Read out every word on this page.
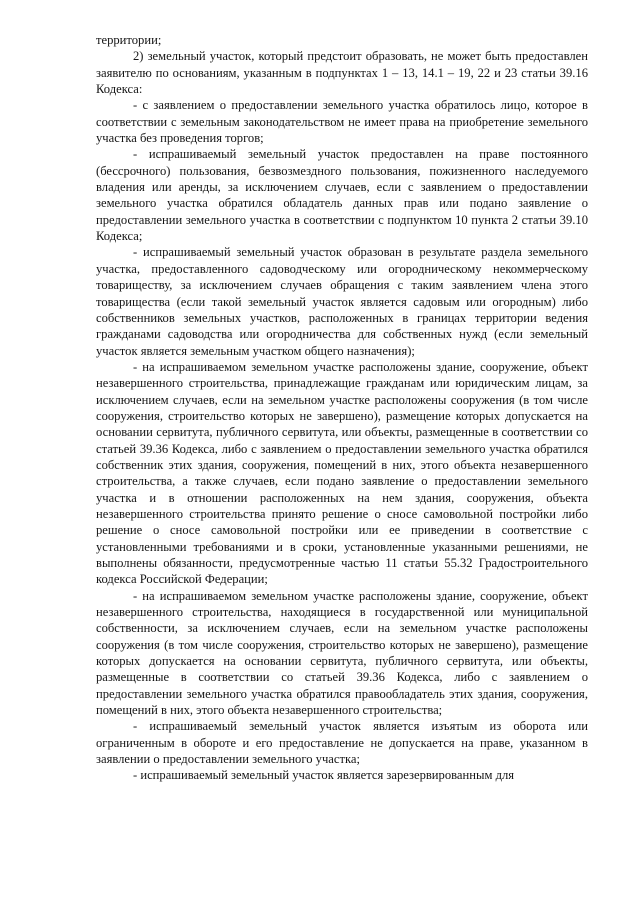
территории;

2) земельный участок, который предстоит образовать, не может быть предоставлен заявителю по основаниям, указанным в подпунктах 1 – 13, 14.1 – 19, 22 и 23 статьи 39.16 Кодекса:

- с заявлением о предоставлении земельного участка обратилось лицо, которое в соответствии с земельным законодательством не имеет права на приобретение земельного участка без проведения торгов;

- испрашиваемый земельный участок предоставлен на праве постоянного (бессрочного) пользования, безвозмездного пользования, пожизненного наследуемого владения или аренды, за исключением случаев, если с заявлением о предоставлении земельного участка обратился обладатель данных прав или подано заявление о предоставлении земельного участка в соответствии с подпунктом 10 пункта 2 статьи 39.10 Кодекса;

- испрашиваемый земельный участок образован в результате раздела земельного участка, предоставленного садоводческому или огородническому некоммерческому товариществу, за исключением случаев обращения с таким заявлением члена этого товарищества (если такой земельный участок является садовым или огородным) либо собственников земельных участков, расположенных в границах территории ведения гражданами садоводства или огородничества для собственных нужд (если земельный участок является земельным участком общего назначения);

- на испрашиваемом земельном участке расположены здание, сооружение, объект незавершенного строительства, принадлежащие гражданам или юридическим лицам, за исключением случаев, если на земельном участке расположены сооружения (в том числе сооружения, строительство которых не завершено), размещение которых допускается на основании сервитута, публичного сервитута, или объекты, размещенные в соответствии со статьей 39.36 Кодекса, либо с заявлением о предоставлении земельного участка обратился собственник этих здания, сооружения, помещений в них, этого объекта незавершенного строительства, а также случаев, если подано заявление о предоставлении земельного участка и в отношении расположенных на нем здания, сооружения, объекта незавершенного строительства принято решение о сносе самовольной постройки либо решение о сносе самовольной постройки или ее приведении в соответствие с установленными требованиями и в сроки, установленные указанными решениями, не выполнены обязанности, предусмотренные частью 11 статьи 55.32 Градостроительного кодекса Российской Федерации;

- на испрашиваемом земельном участке расположены здание, сооружение, объект незавершенного строительства, находящиеся в государственной или муниципальной собственности, за исключением случаев, если на земельном участке расположены сооружения (в том числе сооружения, строительство которых не завершено), размещение которых допускается на основании сервитута, публичного сервитута, или объекты, размещенные в соответствии со статьей 39.36 Кодекса, либо с заявлением о предоставлении земельного участка обратился правообладатель этих здания, сооружения, помещений в них, этого объекта незавершенного строительства;

- испрашиваемый земельный участок является изъятым из оборота или ограниченным в обороте и его предоставление не допускается на праве, указанном в заявлении о предоставлении земельного участка;

- испрашиваемый земельный участок является зарезервированным для
